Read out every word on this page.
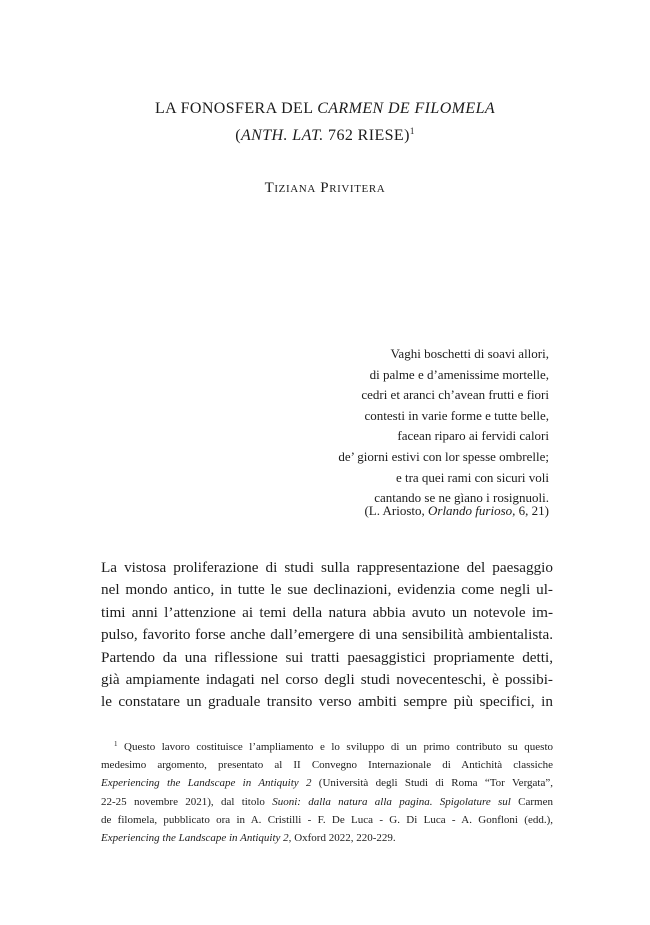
LA FONOSFERA DEL CARMEN DE FILOMELA
(ANTH. LAT. 762 RIESE)$^1$
Tiziana Privitera
Vaghi boschetti di soavi allori,
di palme e d’amenissime mortelle,
cedri et aranci ch’avean frutti e fiori
contesti in varie forme e tutte belle,
facean riparo ai fervidi calori
de’ giorni estivi con lor spesse ombrelle;
e tra quei rami con sicuri voli
cantando se ne gìano i rosignuoli.
(L. Ariosto, Orlando furioso, 6, 21)
La vistosa proliferazione di studi sulla rappresentazione del paesaggio
nel mondo antico, in tutte le sue declinazioni, evidenzia come negli ul-
timi anni l’attenzione ai temi della natura abbia avuto un notevole im-
pulso, favorito forse anche dall’emergere di una sensibilità ambientalista.
Partendo da una riflessione sui tratti paesaggistici propriamente detti,
già ampiamente indagati nel corso degli studi novecenteschi, è possibi-
le constatare un graduale transito verso ambiti sempre più specifici, in
$^1$ Questo lavoro costituisce l’ampliamento e lo sviluppo di un primo contributo su questo
medesimo argomento, presentato al II Convegno Internazionale di Antichità classiche
Experiencing the Landscape in Antiquity 2 (Università degli Studi di Roma “Tor Vergata”,
22-25 novembre 2021), dal titolo Suoni: dalla natura alla pagina. Spigolature sul Carmen
de filomela, pubblicato ora in A. Cristilli - F. De Luca - G. Di Luca - A. Gonfloni (edd.),
Experiencing the Landscape in Antiquity 2, Oxford 2022, 220-229.
